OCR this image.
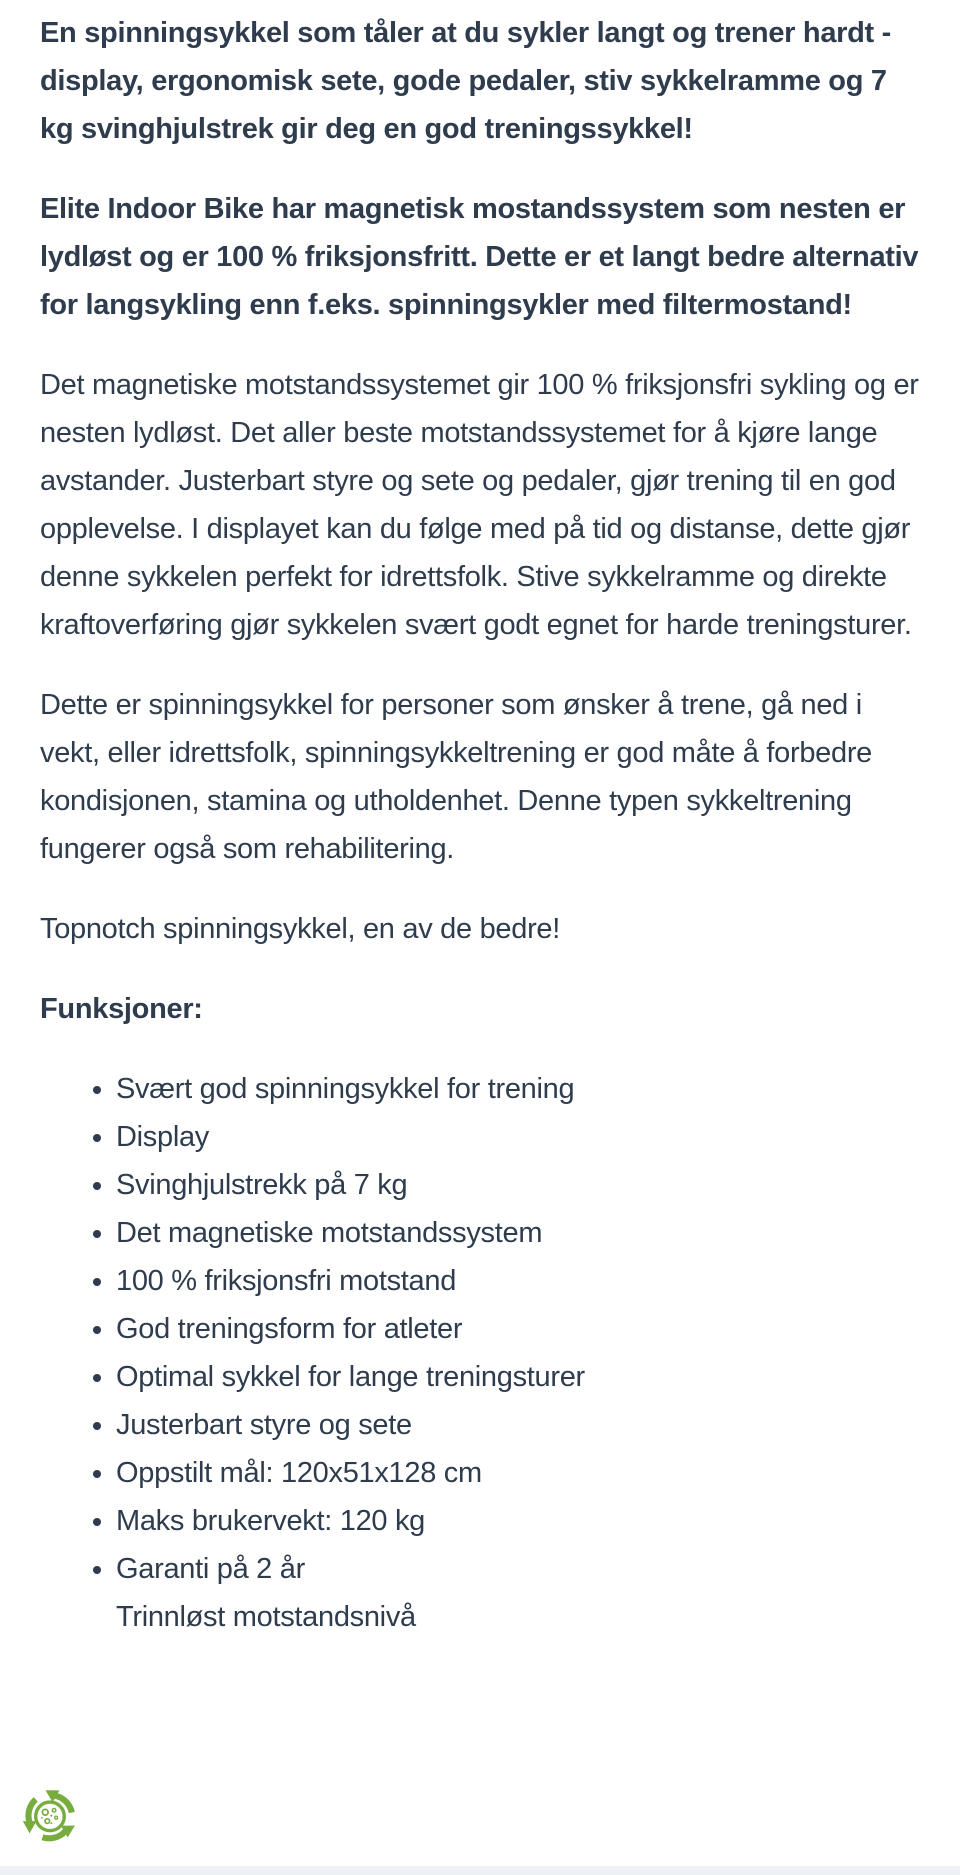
En spinningsykkel som tåler at du sykler langt og trener hardt - display, ergonomisk sete, gode pedaler, stiv sykkelramme og 7 kg svinghjulstrek gir deg en god treningssykkel!

Elite Indoor Bike har magnetisk mostandssystem som nesten er lydløst og er 100 % friksjonsfritt. Dette er et langt bedre alternativ for langsykling enn f.eks. spinningsykler med filtermostand!

Det magnetiske motstandssystemet gir 100 % friksjonsfri sykling og er nesten lydløst. Det aller beste motstandssystemet for å kjøre lange avstander. Justerbart styre og sete og pedaler, gjør trening til en god opplevelse. I displayet kan du følge med på tid og distanse, dette gjør denne sykkelen perfekt for idrettsfolk. Stive sykkelramme og direkte kraftoverføring gjør sykkelen svært godt egnet for harde treningsturer.

Dette er spinningsykkel for personer som ønsker å trene, gå ned i vekt, eller idrettsfolk, spinningsykkeltrening er god måte å forbedre kondisjonen, stamina og utholdenhet. Denne typen sykkeltrening fungerer også som rehabilitering.

Topnotch spinningsykkel, en av de bedre!

Funksjoner:

• Svært god spinningsykkel for trening
• Display
• Svinghjulstrekk på 7 kg
• Det magnetiske motstandssystem
• 100 % friksjonsfri motstand
• God treningsform for atleter
• Optimal sykkel for lange treningsturer
• Justerbart styre og sete
• Oppstilt mål: 120x51x128 cm
• Maks brukervekt: 120 kg
• Garanti på 2 år
Trinnløst motstandsnivå
